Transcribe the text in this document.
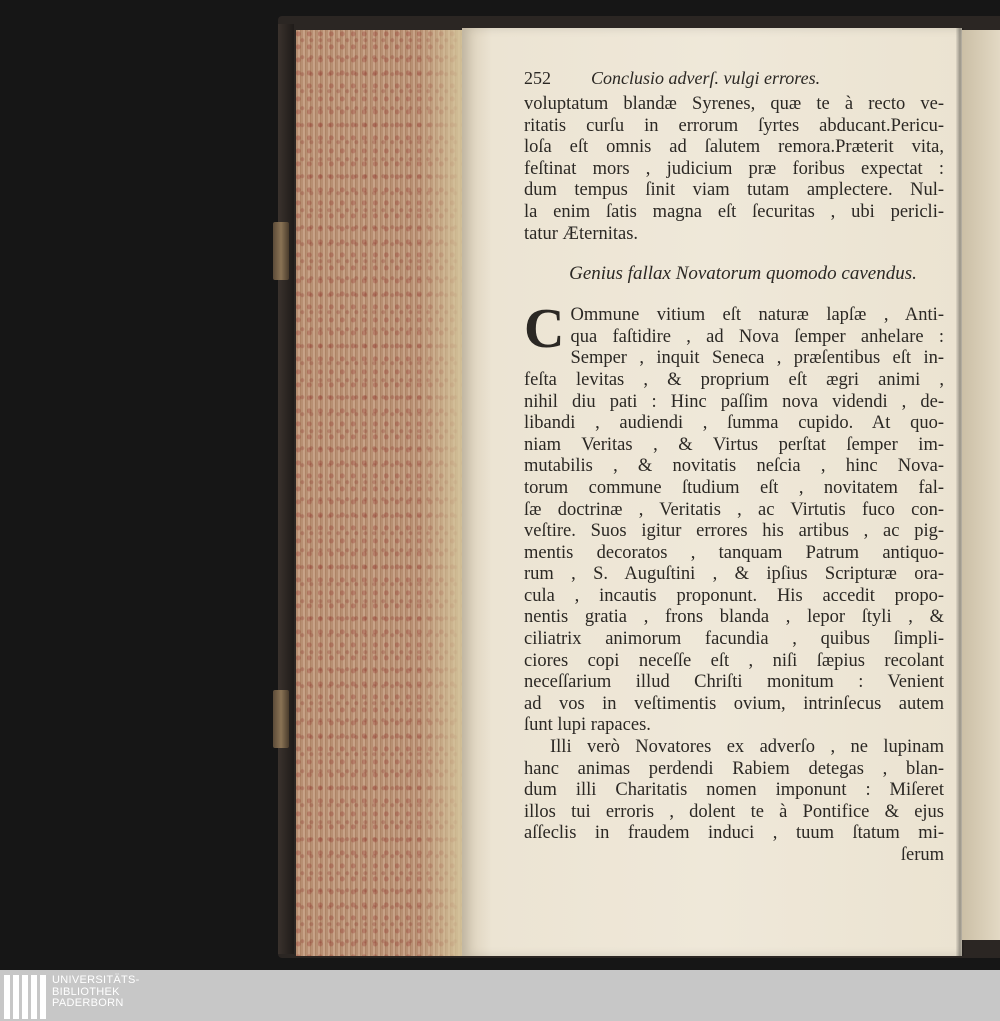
252 Conclusio adverſ. vulgi errores.
voluptatum blandæ Syrenes, quæ te à recto ve-
ritatis curſu in errorum ſyrtes abducant.Pericu-
loſa eſt omnis ad ſalutem remora.Præterit vita,
feſtinat mors , judicium præ foribus expectat :
dum tempus ſinit viam tutam amplectere. Nul-
la enim ſatis magna eſt ſecuritas , ubi pericli-
tatur Æternitas.
Genius fallax Novatorum quomodo cavendus.
C Ommune vitium eſt naturæ lapſæ , Anti-
qua faſtidire , ad Nova ſemper anhelare :
Semper , inquit Seneca , præſentibus eſt in-
feſta levitas , & proprium eſt ægri animi ,
nihil diu pati : Hinc paſſim nova videndi , de-
libandi , audiendi , ſumma cupido. At quo-
niam Veritas , & Virtus perſtat ſemper im-
mutabilis , & novitatis neſcia , hinc Nova-
torum commune ſtudium eſt , novitatem fal-
ſæ doctrinæ , Veritatis , ac Virtutis fuco con-
veſtire. Suos igitur errores his artibus , ac pig-
mentis decoratos , tanquam Patrum antiquo-
rum , S. Auguſtini , & ipſius Scripturæ ora-
cula , incautis proponunt. His accedit propo-
nentis gratia , frons blanda , lepor ſtyli , &
ciliatrix animorum facundia , quibus ſimpli-
ciores copi neceſſe eſt , niſi ſæpius recolant
neceſſarium illud Chriſti monitum : Venient
ad vos in veſtimentis ovium, intrinſecus autem
ſunt lupi rapaces.
Illi verò Novatores ex adverſo , ne lupinam
hanc animas perdendi Rabiem detegas , blan-
dum illi Charitatis nomen imponunt : Miſeret
illos tui erroris , dolent te à Pontifice & ejus
aſſeclis in fraudem induci , tuum ſtatum mi-
ſerum
UNIVERSITÄTS-
BIBLIOTHEK
PADERBORN
